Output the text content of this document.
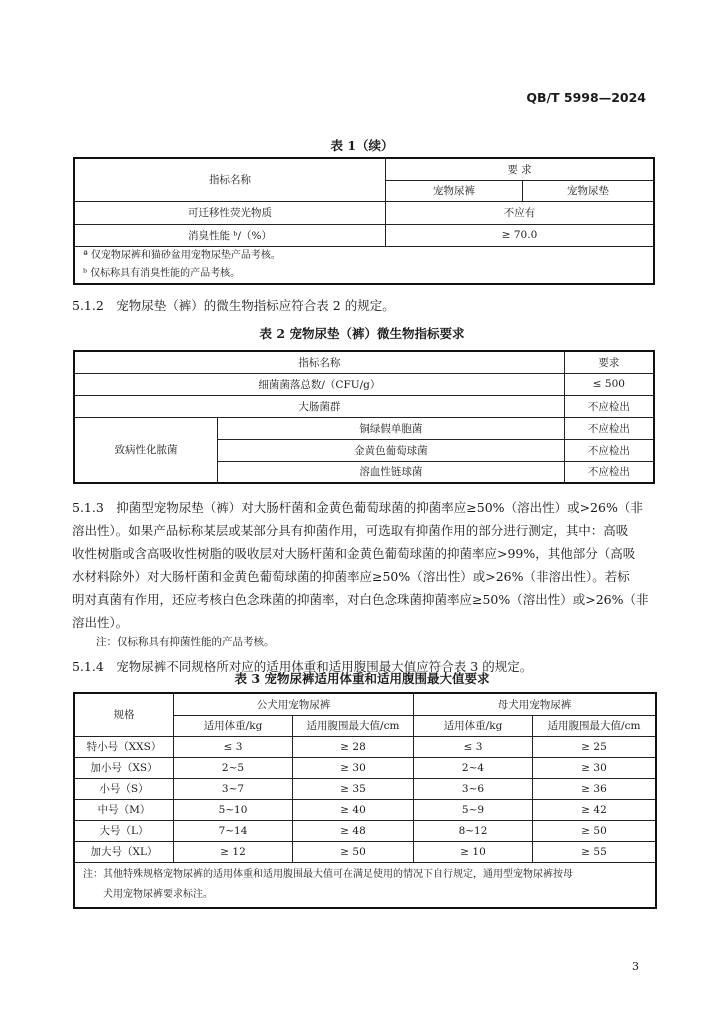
QB/T 5998—2024
表 1（续）
指标名称	要 求	
	宠物尿裤	宠物尿垫
可迁移性荧光物质	不应有	
消臭性能 ᵇ/（%）	≥ 70.0	

ª 仅宠物尿裤和猫砂盆用宠物尿垫产品考核。
ᵇ 仅标称具有消臭性能的产品考核。		
5.1.2　宠物尿垫（裤）的微生物指标应符合表 2 的规定。
表 2 宠物尿垫（裤）微生物指标要求
指标名称		要求
细菌菌落总数/（CFU/g）		≤ 500
大肠菌群		不应检出
致病性化脓菌	铜绿假单胞菌	不应检出
	金黄色葡萄球菌	不应检出
	溶血性链球菌	不应检出
5.1.3　抑菌型宠物尿垫（裤）对大肠杆菌和金黄色葡萄球菌的抑菌率应≥50%（溶出性）或>26%（非
溶出性）。如果产品标称某层或某部分具有抑菌作用，可选取有抑菌作用的部分进行测定，其中：高吸
收性树脂或含高吸收性树脂的吸收层对大肠杆菌和金黄色葡萄球菌的抑菌率应>99%，其他部分（高吸
水材料除外）对大肠杆菌和金黄色葡萄球菌的抑菌率应≥50%（溶出性）或>26%（非溶出性）。若标
明对真菌有作用，还应考核白色念珠菌的抑菌率，对白色念珠菌抑菌率应≥50%（溶出性）或>26%（非
溶出性）。
注：仅标称具有抑菌性能的产品考核。
5.1.4　宠物尿裤不同规格所对应的适用体重和适用腹围最大值应符合表 3 的规定。
表 3 宠物尿裤适用体重和适用腹围最大值要求
规格	公犬用宠物尿裤		母犬用宠物尿裤	
	适用体重/kg	适用腹围最大值/cm	适用体重/kg	适用腹围最大值/cm
特小号（XXS）	≤ 3	≥ 28	≤ 3	≥ 25
加小号（XS）	2~5	≥ 30	2~4	≥ 30
小号（S）	3~7	≥ 35	3~6	≥ 36
中号（M）	5~10	≥ 40	5~9	≥ 42
大号（L）	7~14	≥ 48	8~12	≥ 50
加大号（XL）	≥ 12	≥ 50	≥ 10	≥ 55

注：其他特殊规格宠物尿裤的适用体重和适用腹围最大值可在满足使用的情况下自行规定，通用型宠物尿裤按母
犬用宠物尿裤要求标注。				
3
